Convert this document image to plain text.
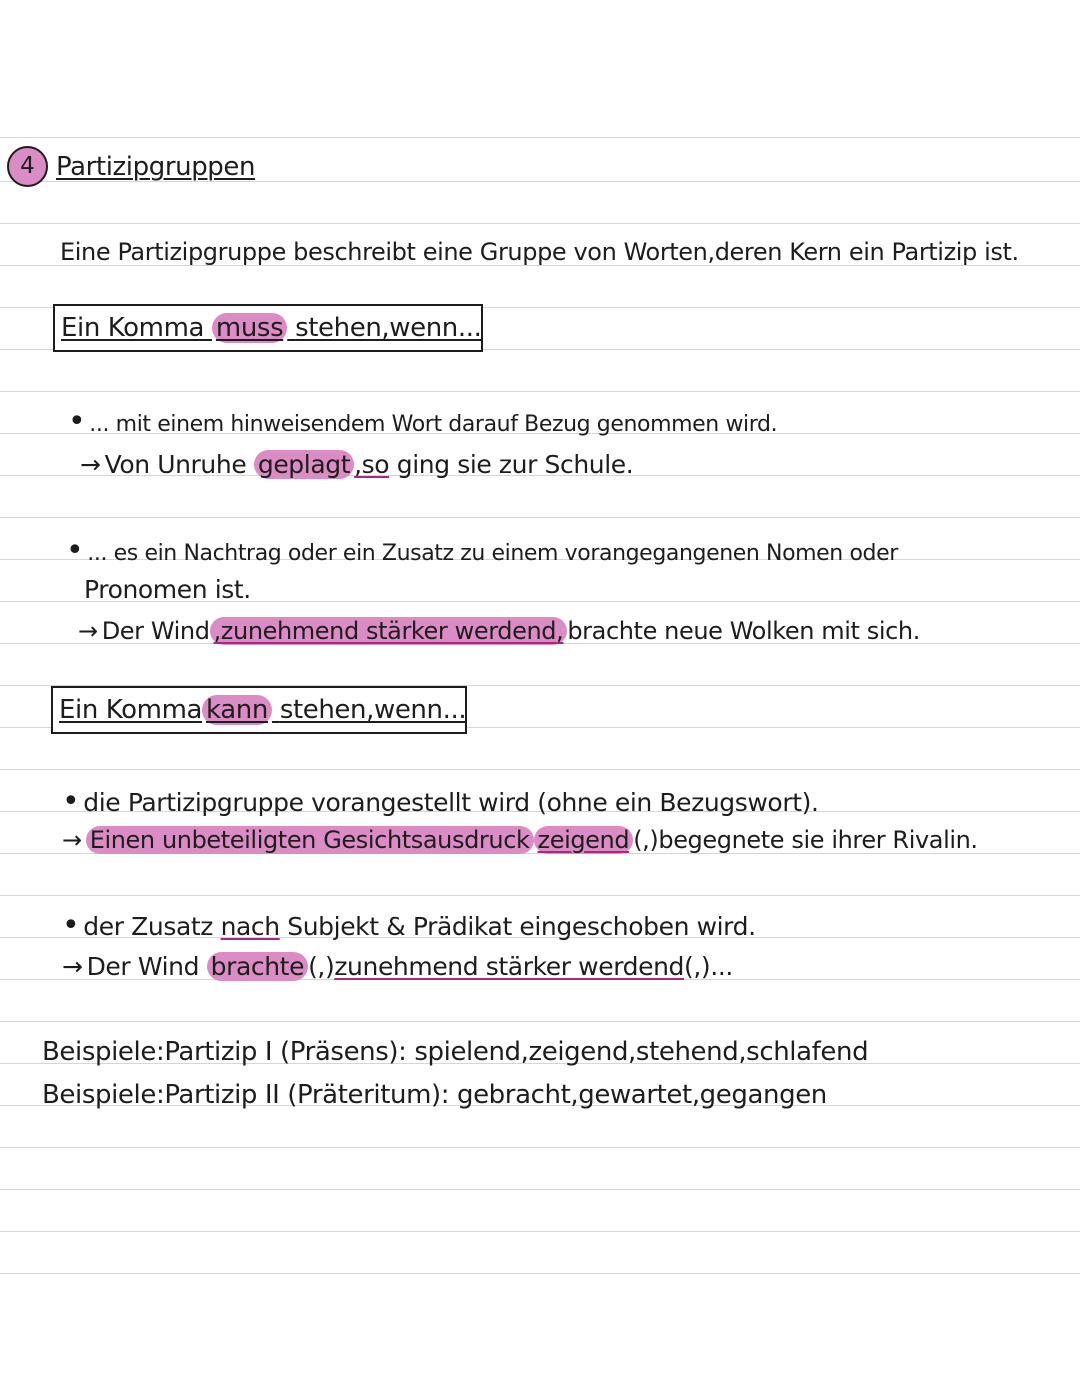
4 Partizipgruppen
Eine Partizipgruppe beschreibt eine Gruppe von Worten,deren Kern ein Partizip ist.
Ein Komma muss stehen,wenn...
• ... mit einem hinweisendem Wort darauf Bezug genommen wird.
→ Von Unruhe geplagt ,so ging sie zur Schule.
• ... es ein Nachtrag oder ein Zusatz zu einem vorangegangenen Nomen oder
Pronomen ist.
→ Der Wind ,zunehmend stärker werdend, brachte neue Wolken mit sich.
Ein Komma kann stehen,wenn...
• die Partizipgruppe vorangestellt wird (ohne ein Bezugswort).
→ Einen unbeteiligten Gesichtsausdruck zeigend (,)begegnete sie ihrer Rivalin.
• der Zusatz nach Subjekt & Prädikat eingeschoben wird.
→ Der Wind brachte (,)zunehmend stärker werdend(,)...
Beispiele:Partizip I (Präsens): spielend,zeigend,stehend,schlafend
Beispiele:Partizip II (Präteritum): gebracht,gewartet,gegangen
